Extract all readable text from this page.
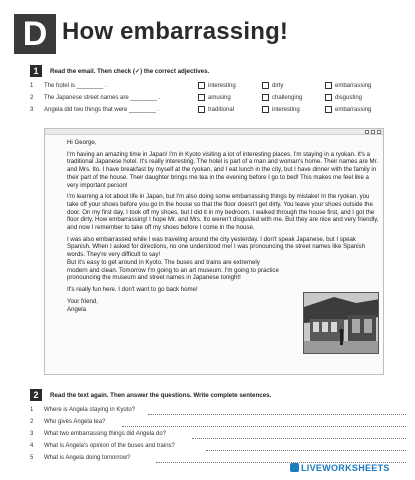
D How embarrassing!
1	Read the email. Then check (✓) the correct adjectives.
1 The hotel is ________ .	interesting	dirty	embarrassing
2 The Japanese street names are ________ .	amusing	challenging	disgusting
3 Angela did two things that were ________ .	traditional	interesting	embarrassing

Hi George,

I'm having an amazing time in Japan! I'm in Kyoto visiting a lot of interesting places. I'm staying in a ryokan. It's a traditional Japanese hotel. It's really interesting. The hotel is part of a man and woman's home. Their names are Mr. and Mrs. Ito. I have breakfast by myself at the ryokan, and I eat lunch in the city, but I have dinner with the family in their part of the house. Their daughter brings me tea in the evening before I go to bed! This makes me feel like a very important person!

I'm learning a lot about life in Japan, but I'm also doing some embarrassing things by mistake! In the ryokan, you take off your shoes before you go in the house so that the floor doesn't get dirty. You leave your shoes outside the door. On my first day, I took off my shoes, but I did it in my bedroom. I walked through the house first, and I got the floor dirty. How embarrassing! I hope Mr. and Mrs. Ito weren't disgusted with me. But they are nice and very friendly, and now I remember to take off my shoes before I come in the house.

I was also embarrassed while I was traveling around the city yesterday. I don't speak Japanese, but I speak Spanish. When I asked for directions, no one understood me! I was pronouncing the street names like Spanish words. They're very difficult to say!

But it's easy to get around in Kyoto. The buses and trains are extremely modern and clean. Tomorrow I'm going to an art museum. I'm going to practice pronouncing the museum and street names in Japanese tonight!

It's really fun here. I don't want to go back home!

Your friend,

Angela

2	Read the text again. Then answer the questions. Write complete sentences.
1 Where is Angela staying in Kyoto?
2 Who gives Angela tea?
3 What two embarrassing things did Angela do?
4 What is Angela's opinion of the buses and trains?
5 What is Angela doing tomorrow?
LIVEWORKSHEETS
